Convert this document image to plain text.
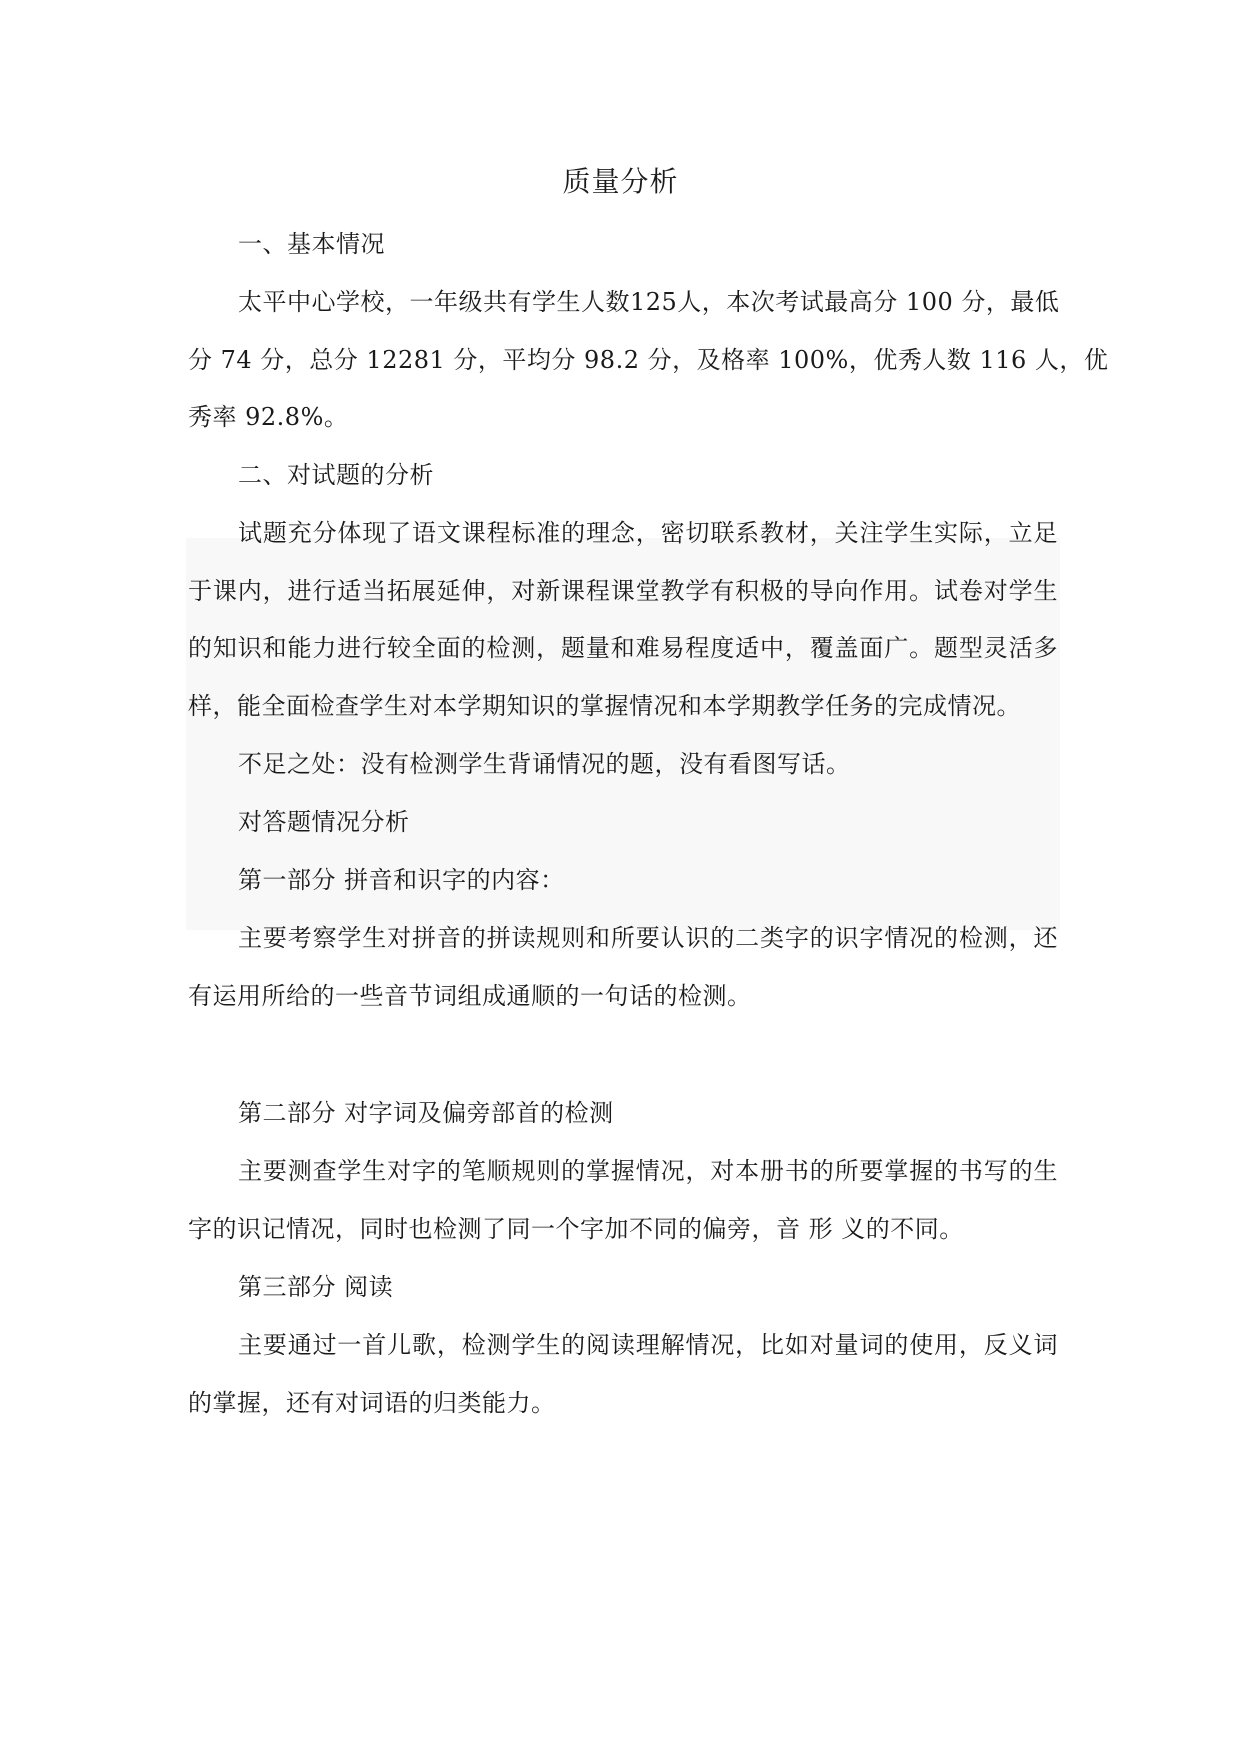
质量分析
一、基本情况
太平中心学校，一年级共有学生人数125人，本次考试最高分 100 分，最低
分 74 分，总分 12281 分，平均分 98.2 分，及格率 100%，优秀人数 116 人，优
秀率 92.8%。
二、对试题的分析
试题充分体现了语文课程标准的理念，密切联系教材，关注学生实际，立足
于课内，进行适当拓展延伸，对新课程课堂教学有积极的导向作用。试卷对学生
的知识和能力进行较全面的检测，题量和难易程度适中，覆盖面广。题型灵活多
样，能全面检查学生对本学期知识的掌握情况和本学期教学任务的完成情况。
不足之处：没有检测学生背诵情况的题，没有看图写话。
对答题情况分析
第一部分 拼音和识字的内容：
主要考察学生对拼音的拼读规则和所要认识的二类字的识字情况的检测，还
有运用所给的一些音节词组成通顺的一句话的检测。
第二部分 对字词及偏旁部首的检测
主要测查学生对字的笔顺规则的掌握情况，对本册书的所要掌握的书写的生
字的识记情况，同时也检测了同一个字加不同的偏旁，音 形 义的不同。
第三部分 阅读
主要通过一首儿歌，检测学生的阅读理解情况，比如对量词的使用，反义词
的掌握，还有对词语的归类能力。
